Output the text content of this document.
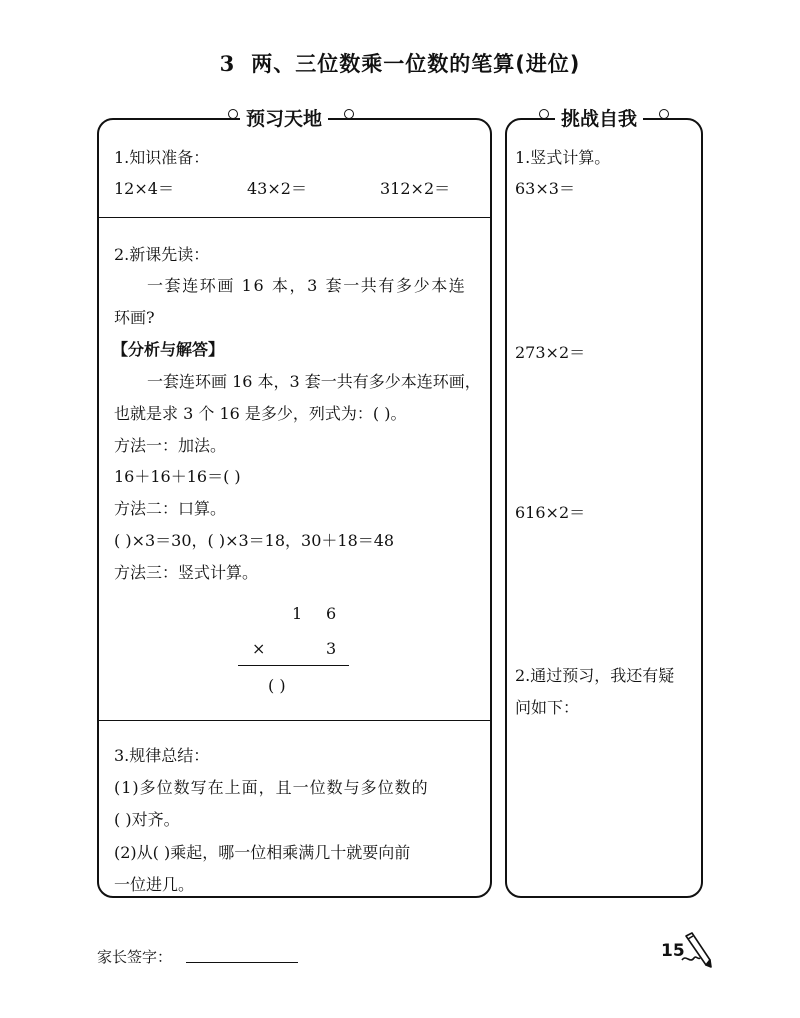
3 两、三位数乘一位数的笔算(进位)
预习天地	挑战自我
1.知识准备：
12×4＝	43×2＝	312×2＝
2.新课先读：
一套连环画 16 本，3 套一共有多少本连
环画?
【分析与解答】
一套连环画 16 本，3 套一共有多少本连环画，
也就是求 3 个 16 是多少，列式为：( )。
方法一：加法。
16＋16＋16＝( )
方法二：口算。
( )×3＝30，( )×3＝18，30＋18＝48
方法三：竖式计算。
1 6
×	3
( )
3.规律总结：
(1)多位数写在上面，且一位数与多位数的
( )对齐。
(2)从( )乘起，哪一位相乘满几十就要向前
一位进几。
1.竖式计算。
63×3＝
273×2＝
616×2＝
2.通过预习，我还有疑
问如下：
家长签字：	15
